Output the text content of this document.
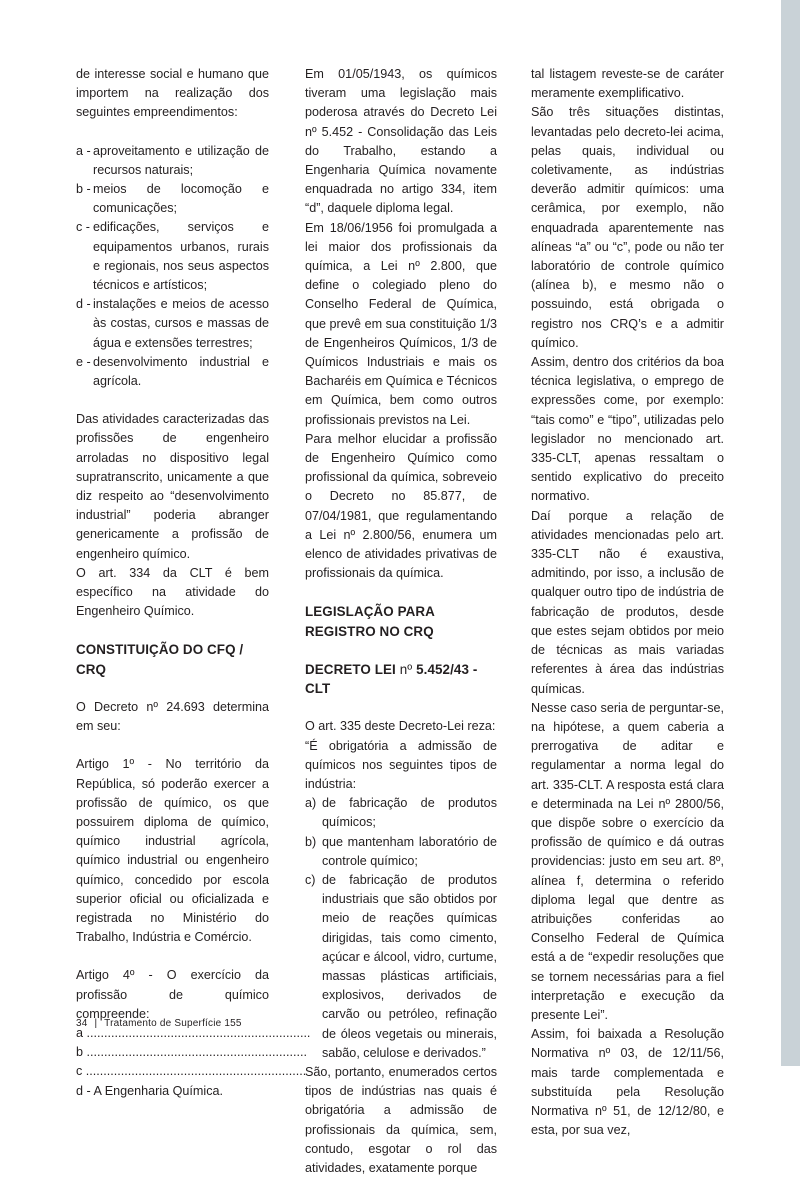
de interesse social e humano que importem na realização dos seguintes empreendimentos:

a - aproveitamento e utilização de recursos naturais;
b - meios de locomoção e comunicações;
c - edificações, serviços e equipamentos urbanos, rurais e regionais, nos seus aspectos técnicos e artísticos;
d - instalações e meios de acesso às costas, cursos e massas de água e extensões terrestres;
e - desenvolvimento industrial e agrícola.

Das atividades caracterizadas das profissões de engenheiro arroladas no dispositivo legal supratranscrito, unicamente a que diz respeito ao “desenvolvimento industrial” poderia abranger genericamente a profissão de engenheiro químico.

O art. 334 da CLT é bem específico na atividade do Engenheiro Químico.

CONSTITUIÇÃO DO CFQ / CRQ

O Decreto nº 24.693 determina em seu:

Artigo 1º - No território da República, só poderão exercer a profissão de químico, os que possuirem diploma de químico, químico industrial agrícola, químico industrial ou engenheiro químico, concedido por escola superior oficial ou oficializada e registrada no Ministério do Trabalho, Indústria e Comércio.

Artigo 4º - O exercício da profissão de químico compreende:

a ................................................................

b ...............................................................

c ...............................................................

d - A Engenharia Química.

Em 01/05/1943, os químicos tiveram uma legislação mais poderosa através do Decreto Lei nº 5.452 - Consolidação das Leis do Trabalho, estando a Engenharia Química novamente enquadrada no artigo 334, item “d”, daquele diploma legal.

Em 18/06/1956 foi promulgada a lei maior dos profissionais da química, a Lei nº 2.800, que define o colegiado pleno do Conselho Federal de Química, que prevê em sua constituição 1/3 de Engenheiros Químicos, 1/3 de Químicos Industriais e mais os Bacharéis em Química e Técnicos em Química, bem como outros profissionais previstos na Lei.

Para melhor elucidar a profissão de Engenheiro Químico como profissional da química, sobreveio o Decreto no 85.877, de 07/04/1981, que regulamentando a Lei nº 2.800/56, enumera um elenco de atividades privativas de profissionais da química.

LEGISLAÇÃO PARA REGISTRO NO CRQ

DECRETO LEI nº 5.452/43 - CLT

O art. 335 deste Decreto-Lei reza:

“É obrigatória a admissão de químicos nos seguintes tipos de indústria:

a) de fabricação de produtos químicos;
b) que mantenham laboratório de controle químico;
c) de fabricação de produtos industriais que são obtidos por meio de reações químicas dirigidas, tais como cimento, açúcar e álcool, vidro, curtume, massas plásticas artificiais, explosivos, derivados de carvão ou petróleo, refinação de óleos vegetais ou minerais, sabão, celulose e derivados.”

São, portanto, enumerados certos tipos de indústrias nas quais é obrigatória a admissão de profissionais da química, sem, contudo, esgotar o rol das atividades, exatamente porque

tal listagem reveste-se de caráter meramente exemplificativo.

São três situações distintas, levantadas pelo decreto-lei acima, pelas quais, individual ou coletivamente, as indústrias deverão admitir químicos: uma cerâmica, por exemplo, não enquadrada aparentemente nas alíneas “a” ou “c”, pode ou não ter laboratório de controle químico (alínea b), e mesmo não o possuindo, está obrigada o registro nos CRQ’s e a admitir químico.

Assim, dentro dos critérios da boa técnica legislativa, o emprego de expressões come, por exemplo: “tais como” e “tipo”, utilizadas pelo legislador no mencionado art. 335-CLT, apenas ressaltam o sentido explicativo do preceito normativo.

Daí porque a relação de atividades mencionadas pelo art. 335-CLT não é exaustiva, admitindo, por isso, a inclusão de qualquer outro tipo de indústria de fabricação de produtos, desde que estes sejam obtidos por meio de técnicas as mais variadas referentes à área das indústrias químicas.

Nesse caso seria de perguntar-se, na hipótese, a quem caberia a prerrogativa de aditar e regulamentar a norma legal do art. 335-CLT. A resposta está clara e determinada na Lei nº 2800/56, que dispõe sobre o exercício da profissão de químico e dá outras providencias: justo em seu art. 8º, alínea f, determina o referido diploma legal que dentre as atribuições conferidas ao Conselho Federal de Química está a de “expedir resoluções que se tornem necessárias para a fiel interpretação e execução da presente Lei”.

Assim, foi baixada a Resolução Normativa nº 03, de 12/11/56, mais tarde complementada e substituída pela Resolução Normativa nº 51, de 12/12/80, e esta, por sua vez,

34 | Tratamento de Superfície 155
